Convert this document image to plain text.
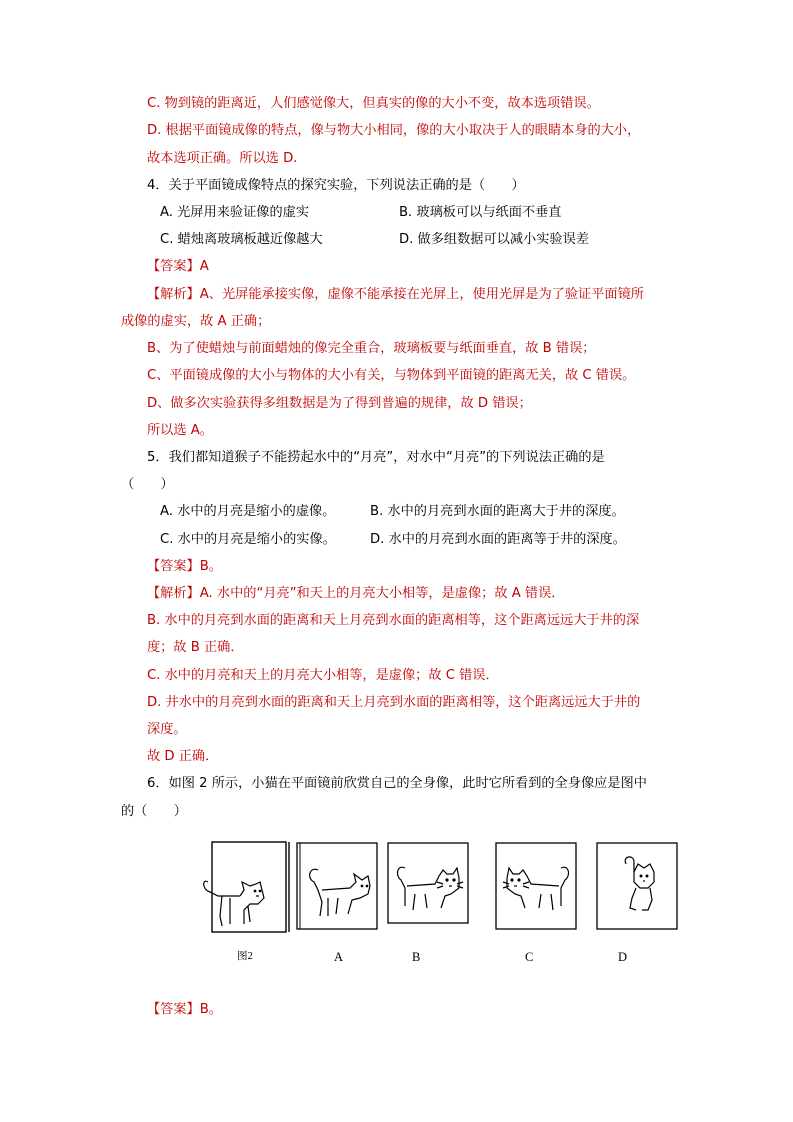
C. 物到镜的距离近，人们感觉像大，但真实的像的大小不变，故本选项错误。
D. 根据平面镜成像的特点，像与物大小相同，像的大小取决于人的眼睛本身的大小，
故本选项正确。所以选 D.
4．关于平面镜成像特点的探究实验，下列说法正确的是（　　）
A. 光屏用来验证像的虚实	B. 玻璃板可以与纸面不垂直
C. 蜡烛离玻璃板越近像越大	D. 做多组数据可以减小实验误差
【答案】A
【解析】A、光屏能承接实像，虚像不能承接在光屏上，使用光屏是为了验证平面镜所
成像的虚实，故 A 正确；
B、为了使蜡烛与前面蜡烛的像完全重合，玻璃板要与纸面垂直，故 B 错误；
C、平面镜成像的大小与物体的大小有关，与物体到平面镜的距离无关，故 C 错误。
D、做多次实验获得多组数据是为了得到普遍的规律，故 D 错误；
所以选 A。
5．我们都知道猴子不能捞起水中的“月亮”，对水中“月亮”的下列说法正确的是
（　　）
A. 水中的月亮是缩小的虚像。	B. 水中的月亮到水面的距离大于井的深度。
C. 水中的月亮是缩小的实像。	D. 水中的月亮到水面的距离等于井的深度。
【答案】B。
【解析】A. 水中的“月亮”和天上的月亮大小相等，是虚像；故 A 错误．
B. 水中的月亮到水面的距离和天上月亮到水面的距离相等，这个距离远远大于井的深
度；故 B 正确．
C. 水中的月亮和天上的月亮大小相等，是虚像；故 C 错误．
D. 井水中的月亮到水面的距离和天上月亮到水面的距离相等，这个距离远远大于井的
深度。
故 D 正确．
6．如图 2 所示，小猫在平面镜前欣赏自己的全身像，此时它所看到的全身像应是图中
的（　　）
图2	A	B	C	D
【答案】B。
